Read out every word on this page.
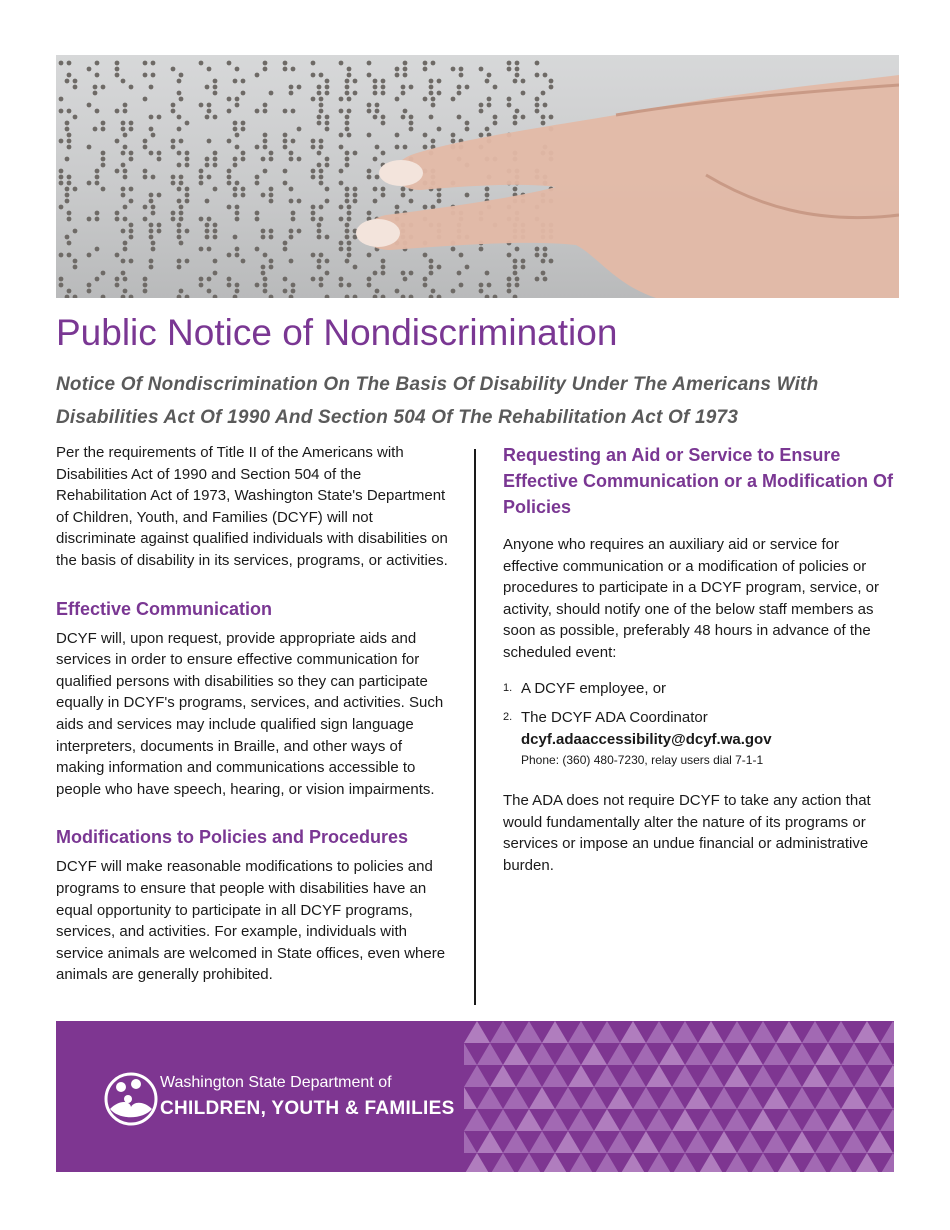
Public Notice of Nondiscrimination

Notice Of Nondiscrimination On The Basis Of Disability Under The Americans With Disabilities Act Of 1990 And Section 504 Of The Rehabilitation Act Of 1973

Per the requirements of Title II of the Americans with Disabilities Act of 1990 and Section 504 of the Rehabilitation Act of 1973, Washington State's Department of Children, Youth, and Families (DCYF) will not discriminate against qualified individuals with disabilities on the basis of disability in its services, programs, or activities.

Effective Communication

DCYF will, upon request, provide appropriate aids and services in order to ensure effective communication for qualified persons with disabilities so they can participate equally in DCYF's programs, services, and activities. Such aids and services may include qualified sign language interpreters, documents in Braille, and other ways of making information and communications accessible to people who have speech, hearing, or vision impairments.

Modifications to Policies and Procedures

DCYF will make reasonable modifications to policies and programs to ensure that people with disabilities have an equal opportunity to participate in all DCYF programs, services, and activities. For example, individuals with service animals are welcomed in State offices, even where animals are generally prohibited.

Requesting an Aid or Service to Ensure Effective Communication or a Modification Of Policies

Anyone who requires an auxiliary aid or service for effective communication or a modification of policies or procedures to participate in a DCYF program, service, or activity, should notify one of the below staff members as soon as possible, preferably 48 hours in advance of the scheduled event:

1. A DCYF employee, or
2. The DCYF ADA Coordinator
dcyf.adaaccessibility@dcyf.wa.gov
Phone: (360) 480-7230, relay users dial 7-1-1

The ADA does not require DCYF to take any action that would fundamentally alter the nature of its programs or services or impose an undue financial or administrative burden.

Washington State Department of
CHILDREN, YOUTH & FAMILIES
